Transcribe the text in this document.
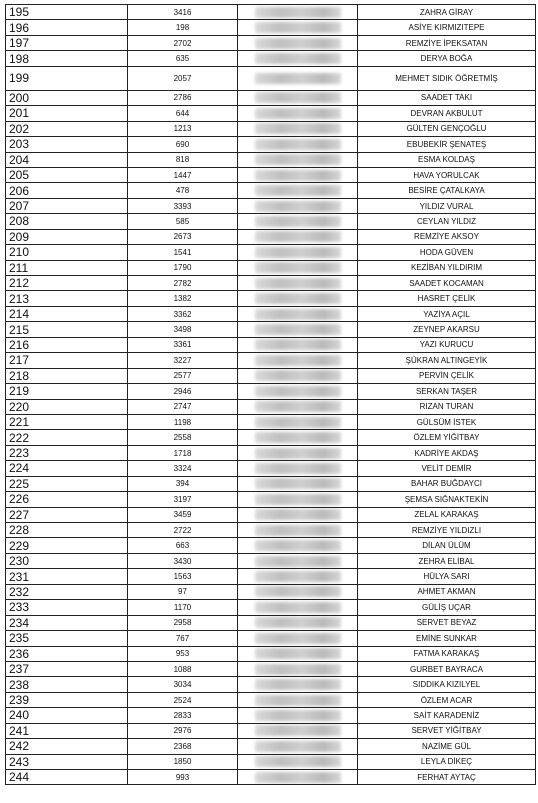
195	3416		ZAHRA GİRAY
196	198		ASİYE KIRMIZITEPE
197	2702		REMZİYE İPEKSATAN
198	635		DERYA BOĞA
199	2057		MEHMET SIDIK ÖĞRETMİŞ
200	2786		SAADET TAKI
201	644		DEVRAN AKBULUT
202	1213		GÜLTEN GENÇOĞLU
203	690		EBUBEKİR ŞENATEŞ
204	818		ESMA KOLDAŞ
205	1447		HAVA YORULCAK
206	478		BESİRE ÇATALKAYA
207	3393		YILDIZ VURAL
208	585		CEYLAN YILDIZ
209	2673		REMZİYE AKSOY
210	1541		HODA GÜVEN
211	1790		KEZİBAN YILDIRIM
212	2782		SAADET KOCAMAN
213	1382		HASRET ÇELİK
214	3362		YAZİYA AÇIL
215	3498		ZEYNEP AKARSU
216	3361		YAZI KURUCU
217	3227		ŞÜKRAN ALTINGEYİK
218	2577		PERVİN ÇELİK
219	2946		SERKAN TAŞER
220	2747		RIZAN TURAN
221	1198		GÜLSÜM İSTEK
222	2558		ÖZLEM YİĞİTBAY
223	1718		KADRİYE AKDAŞ
224	3324		VELİT DEMİR
225	394		BAHAR BUĞDAYCI
226	3197		ŞEMSA SIĞNAKTEKİN
227	3459		ZELAL KARAKAŞ
228	2722		REMZİYE YILDIZLI
229	663		DİLAN ÜLÜM
230	3430		ZEHRA ELİBAL
231	1563		HÜLYA SARI
232	97		AHMET AKMAN
233	1170		GÜLİŞ UÇAR
234	2958		SERVET BEYAZ
235	767		EMİNE SUNKAR
236	953		FATMA KARAKAŞ
237	1088		GURBET BAYRACA
238	3034		SIDDIKA KIZILYEL
239	2524		ÖZLEM ACAR
240	2833		SAİT KARADENİZ
241	2976		SERVET YİĞİTBAY
242	2368		NAZİME GÜL
243	1850		LEYLA DİKEÇ
244	993		FERHAT AYTAÇ
